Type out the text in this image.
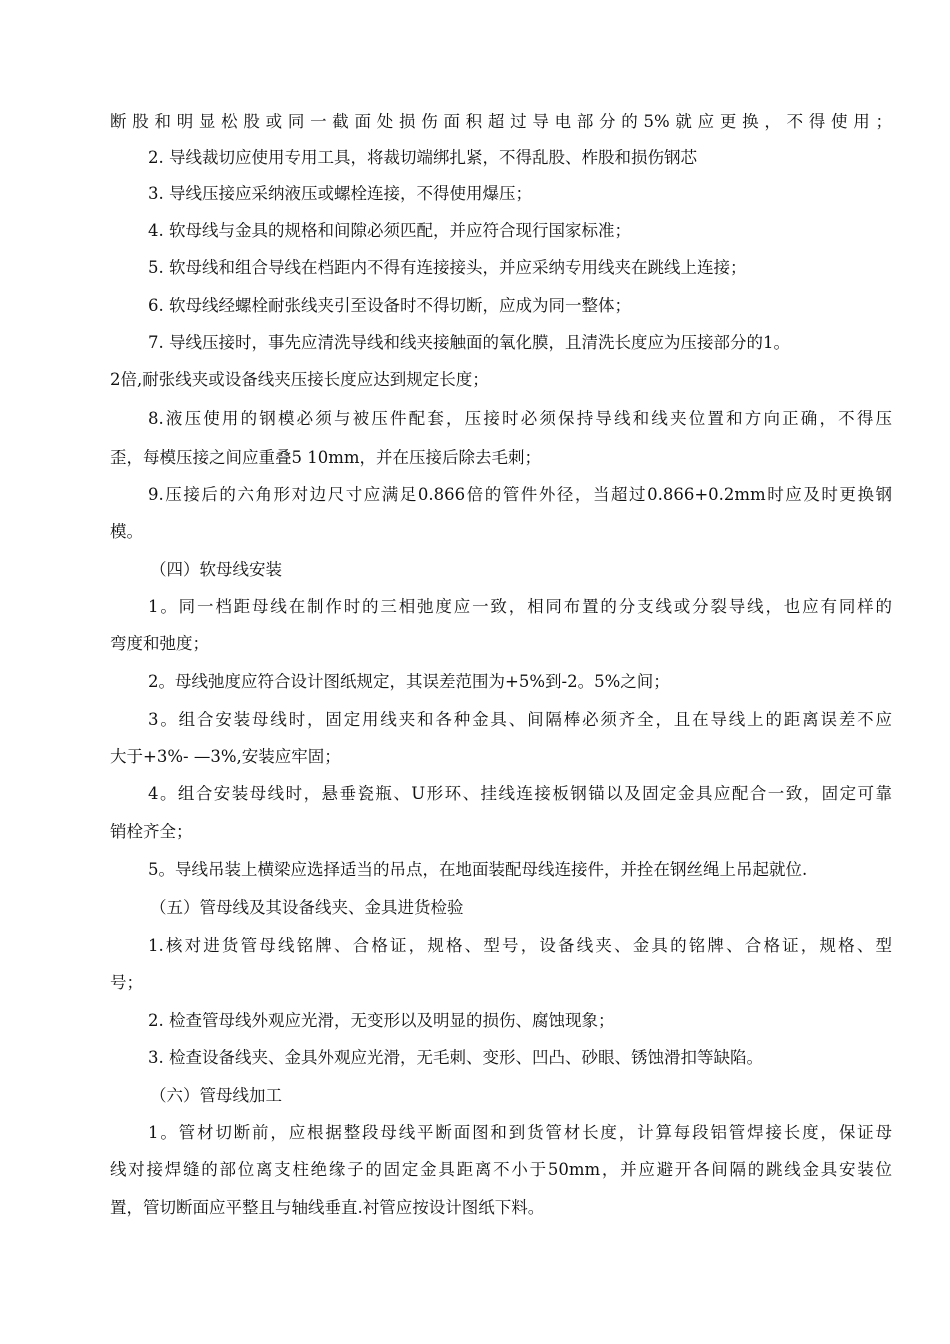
断股和明显松股或同一截面处损伤面积超过导电部分的5%就应更换，不得使用；
2. 导线裁切应使用专用工具，将裁切端绑扎紧，不得乱股、柞股和损伤钢芯
3. 导线压接应采纳液压或螺栓连接，不得使用爆压；
4. 软母线与金具的规格和间隙必须匹配，并应符合现行国家标准；
5. 软母线和组合导线在档距内不得有连接接头，并应采纳专用线夹在跳线上连接；
6. 软母线经螺栓耐张线夹引至设备时不得切断，应成为同一整体；
7. 导线压接时，事先应清洗导线和线夹接触面的氧化膜，且清洗长度应为压接部分的1。
2倍,耐张线夹或设备线夹压接长度应达到规定长度；
8.液压使用的钢模必须与被压件配套，压接时必须保持导线和线夹位置和方向正确，不得压
歪，每模压接之间应重叠5 10mm，并在压接后除去毛刺；
9.压接后的六角形对边尺寸应满足0.866倍的管件外径，当超过0.866+0.2mm时应及时更换钢
模。
（四）软母线安装
1。同一档距母线在制作时的三相弛度应一致，相同布置的分支线或分裂导线，也应有同样的
弯度和弛度；
2。母线弛度应符合设计图纸规定，其误差范围为+5%到-2。5%之间；
3。组合安装母线时，固定用线夹和各种金具、间隔棒必须齐全，且在导线上的距离误差不应
大于+3%- —3%,安装应牢固；
4。组合安装母线时，悬垂瓷瓶、U形环、挂线连接板钢锚以及固定金具应配合一致，固定可靠
销栓齐全；
5。导线吊装上横梁应选择适当的吊点，在地面装配母线连接件，并拴在钢丝绳上吊起就位.
（五）管母线及其设备线夹、金具进货检验
1.核对进货管母线铭牌、合格证，规格、型号，设备线夹、金具的铭牌、合格证，规格、型
号；
2. 检查管母线外观应光滑，无变形以及明显的损伤、腐蚀现象；
3. 检查设备线夹、金具外观应光滑，无毛刺、变形、凹凸、砂眼、锈蚀滑扣等缺陷。
（六）管母线加工
1。管材切断前，应根据整段母线平断面图和到货管材长度，计算每段铝管焊接长度，保证母
线对接焊缝的部位离支柱绝缘子的固定金具距离不小于50mm，并应避开各间隔的跳线金具安装位
置，管切断面应平整且与轴线垂直.衬管应按设计图纸下料。
